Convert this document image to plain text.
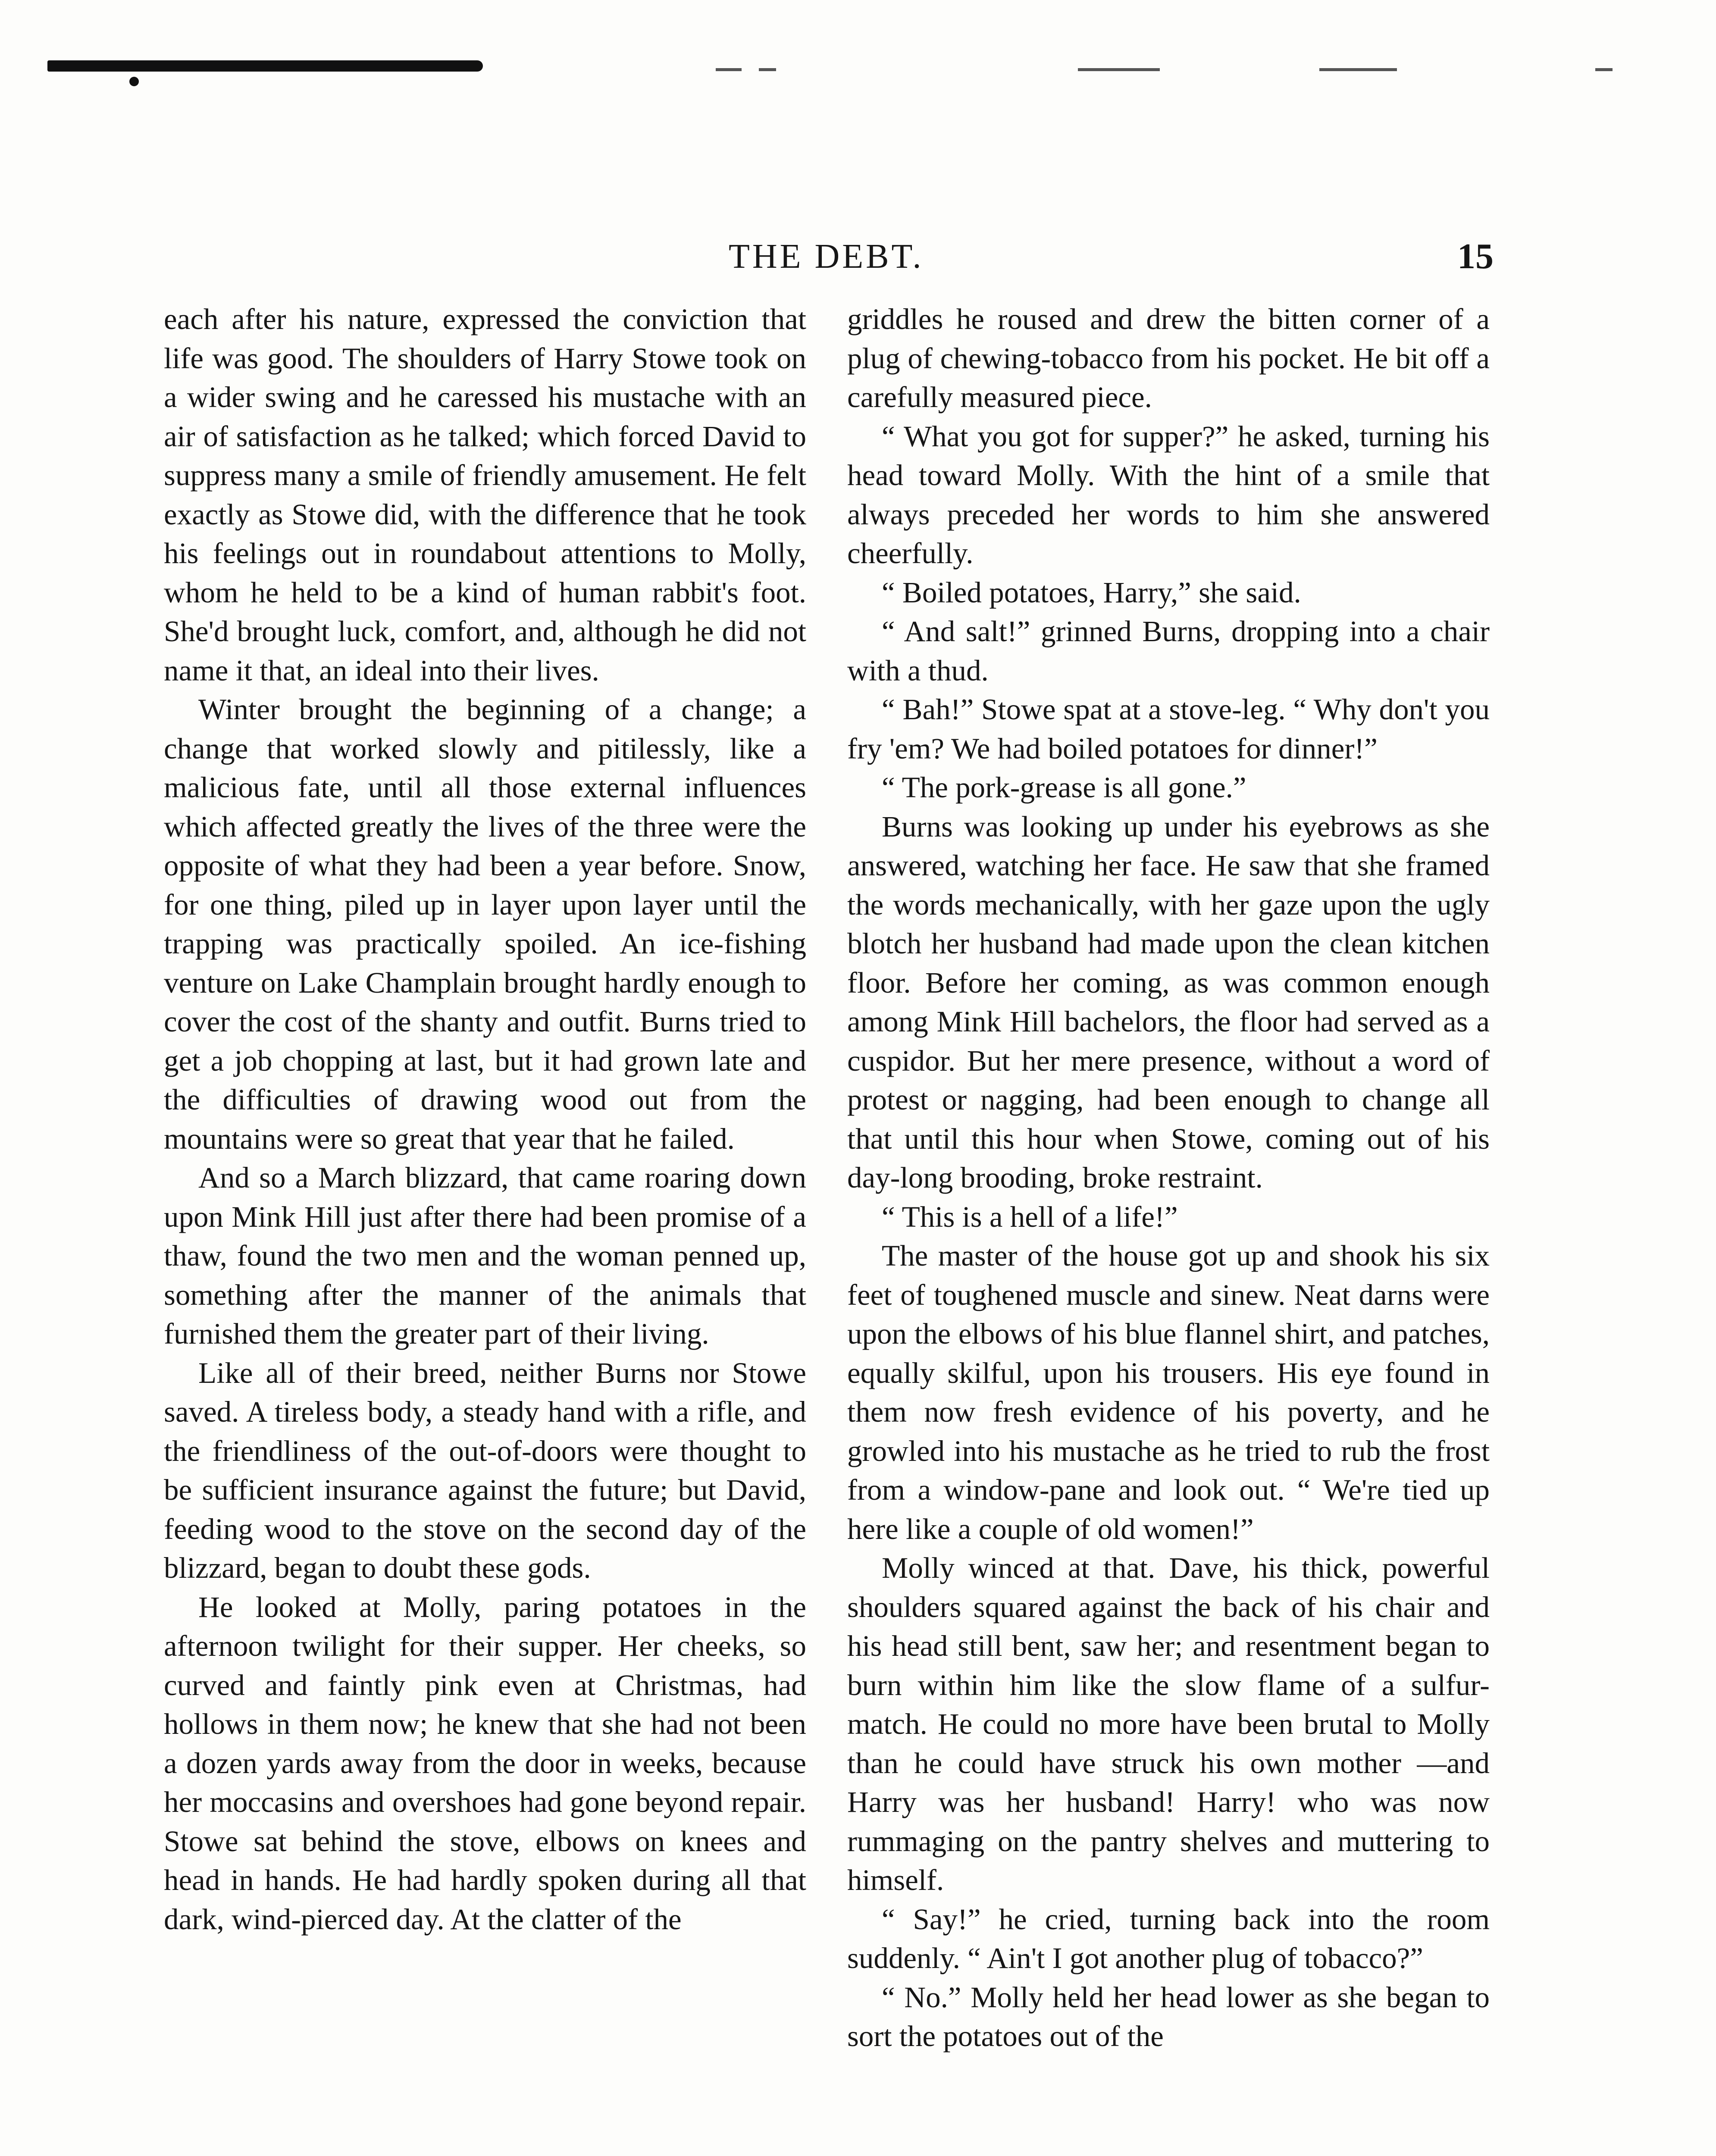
THE DEBT.	15

each after his nature, expressed the conviction that life was good. The shoulders of Harry Stowe took on a wider swing and he caressed his mustache with an air of satisfaction as he talked; which forced David to suppress many a smile of friendly amusement. He felt exactly as Stowe did, with the difference that he took his feelings out in roundabout attentions to Molly, whom he held to be a kind of human rabbit's foot. She'd brought luck, comfort, and, although he did not name it that, an ideal into their lives.

Winter brought the beginning of a change; a change that worked slowly and pitilessly, like a malicious fate, until all those external influences which affected greatly the lives of the three were the opposite of what they had been a year before. Snow, for one thing, piled up in layer upon layer until the trapping was practically spoiled. An ice-fishing venture on Lake Champlain brought hardly enough to cover the cost of the shanty and outfit. Burns tried to get a job chopping at last, but it had grown late and the difficulties of drawing wood out from the mountains were so great that year that he failed.

And so a March blizzard, that came roaring down upon Mink Hill just after there had been promise of a thaw, found the two men and the woman penned up, something after the manner of the animals that furnished them the greater part of their living.

Like all of their breed, neither Burns nor Stowe saved. A tireless body, a steady hand with a rifle, and the friendliness of the out-of-doors were thought to be sufficient insurance against the future; but David, feeding wood to the stove on the second day of the blizzard, began to doubt these gods.

He looked at Molly, paring potatoes in the afternoon twilight for their supper. Her cheeks, so curved and faintly pink even at Christmas, had hollows in them now; he knew that she had not been a dozen yards away from the door in weeks, because her moccasins and overshoes had gone beyond repair. Stowe sat behind the stove, elbows on knees and head in hands. He had hardly spoken during all that dark, wind-pierced day. At the clatter of the

griddles he roused and drew the bitten corner of a plug of chewing-tobacco from his pocket. He bit off a carefully measured piece.

“ What you got for supper?” he asked, turning his head toward Molly. With the hint of a smile that always preceded her words to him she answered cheerfully.

“ Boiled potatoes, Harry,” she said.

“ And salt!” grinned Burns, dropping into a chair with a thud.

“ Bah!” Stowe spat at a stove-leg. “ Why don't you fry 'em? We had boiled potatoes for dinner!”

“ The pork-grease is all gone.”

Burns was looking up under his eyebrows as she answered, watching her face. He saw that she framed the words mechanically, with her gaze upon the ugly blotch her husband had made upon the clean kitchen floor. Before her coming, as was common enough among Mink Hill bachelors, the floor had served as a cuspidor. But her mere presence, without a word of protest or nagging, had been enough to change all that until this hour when Stowe, coming out of his day-long brooding, broke restraint.

“ This is a hell of a life!”

The master of the house got up and shook his six feet of toughened muscle and sinew. Neat darns were upon the elbows of his blue flannel shirt, and patches, equally skilful, upon his trousers. His eye found in them now fresh evidence of his poverty, and he growled into his mustache as he tried to rub the frost from a window-pane and look out. “ We're tied up here like a couple of old women!”

Molly winced at that. Dave, his thick, powerful shoulders squared against the back of his chair and his head still bent, saw her; and resentment began to burn within him like the slow flame of a sulfur-match. He could no more have been brutal to Molly than he could have struck his own mother —and Harry was her husband! Harry! who was now rummaging on the pantry shelves and muttering to himself.

“ Say!” he cried, turning back into the room suddenly. “ Ain't I got another plug of tobacco?”

“ No.” Molly held her head lower as she began to sort the potatoes out of the
